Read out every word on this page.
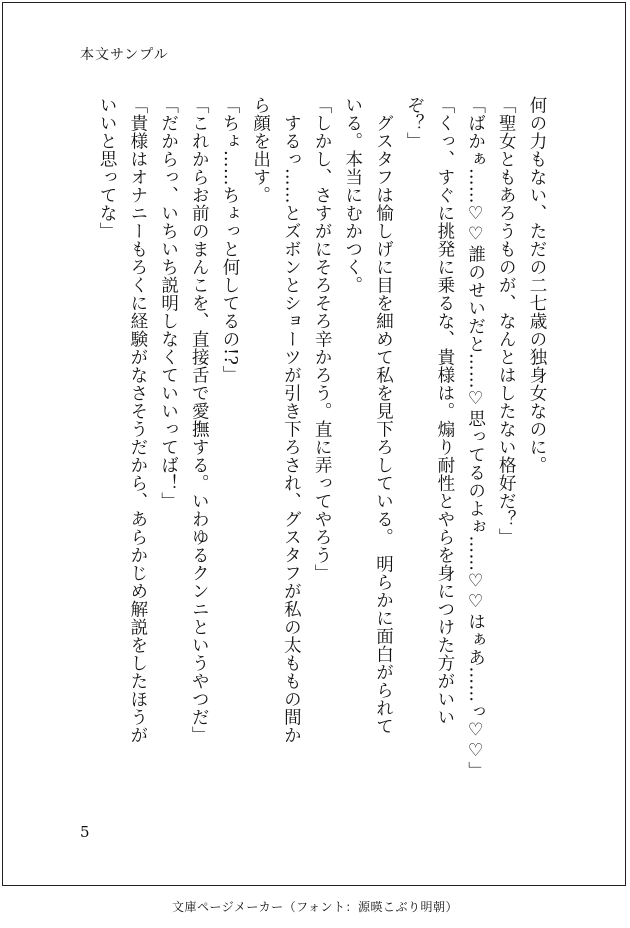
本文サンプル
何の力もない、ただの二七歳の独身女なのに。
「聖女ともあろうものが、なんとはしたない格好だ？」
「ばかぁ……♡♡誰のせいだと……♡思ってるのよぉ……♡♡はぁあ……っ♡♡」
「くっ、すぐに挑発に乗るな、貴様は。煽り耐性とやらを身につけた方がいい
ぞ？」
　グスタフは愉しげに目を細めて私を見下ろしている。　明らかに面白がられて
いる。本当にむかつく。
「しかし、さすがにそろそろ辛かろう。直に弄ってやろう」
　するっ……とズボンとショーツが引き下ろされ、グスタフが私の太ももの間か
ら顔を出す。
「ちょ……ちょっと何してるの!?」
「これからお前のまんこを、直接舌で愛撫する。いわゆるクンニというやつだ」
「だからっ、いちいち説明しなくていいってば！」
「貴様はオナニーもろくに経験がなさそうだから、あらかじめ解説をしたほうが
いいと思ってな」
5
文庫ページメーカー（フォント：源暎こぶり明朝）
